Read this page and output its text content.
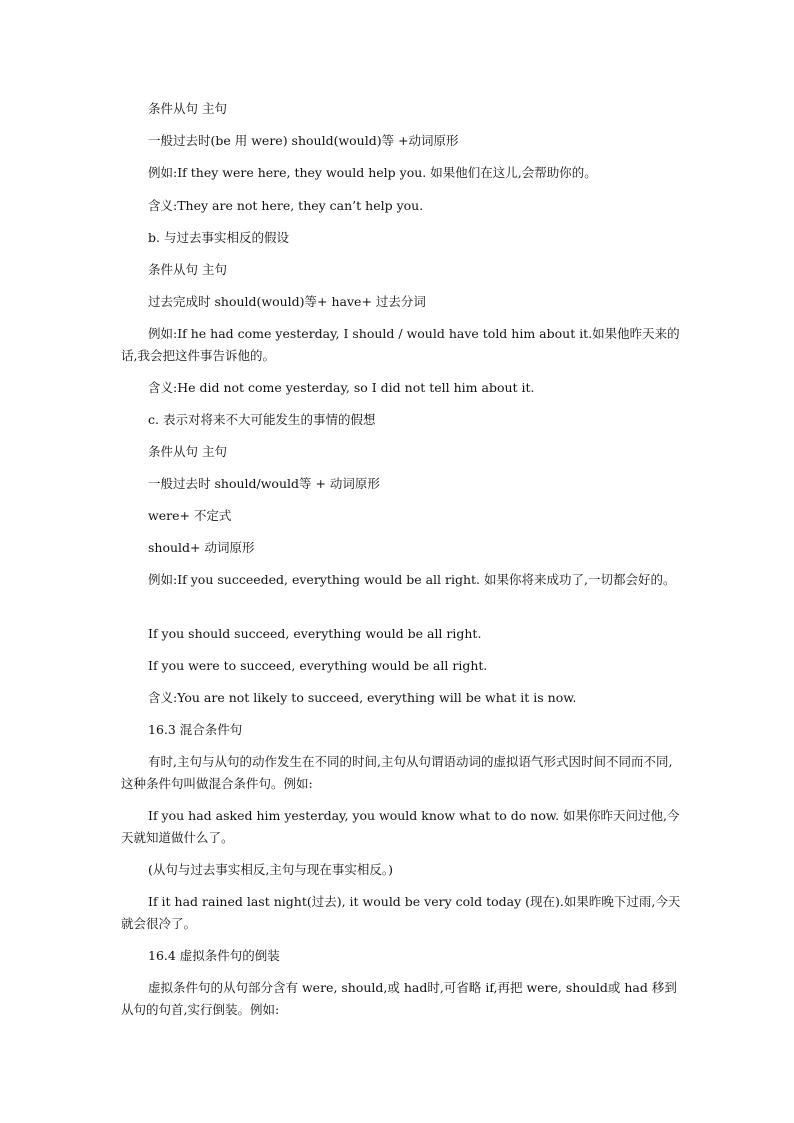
条件从句 主句
一般过去时(be 用 were) should(would)等 +动词原形
例如:If they were here, they would help you. 如果他们在这儿,会帮助你的。
含义:They are not here, they can’t help you.
b. 与过去事实相反的假设
条件从句 主句
过去完成时 should(would)等+ have+ 过去分词
例如:If he had come yesterday, I should / would have told him about it.如果他昨天来的话,我会把这件事告诉他的。
含义:He did not come yesterday, so I did not tell him about it.
c. 表示对将来不大可能发生的事情的假想
条件从句 主句
一般过去时 should/would等 + 动词原形
were+ 不定式
should+ 动词原形
例如:If you succeeded, everything would be all right. 如果你将来成功了,一切都会好的。
If you should succeed, everything would be all right.
If you were to succeed, everything would be all right.
含义:You are not likely to succeed, everything will be what it is now.
16.3 混合条件句
有时,主句与从句的动作发生在不同的时间,主句从句谓语动词的虚拟语气形式因时间不同而不同,这种条件句叫做混合条件句。例如:
If you had asked him yesterday, you would know what to do now. 如果你昨天问过他,今天就知道做什么了。
(从句与过去事实相反,主句与现在事实相反。)
If it had rained last night(过去), it would be very cold today (现在).如果昨晚下过雨,今天就会很冷了。
16.4 虚拟条件句的倒装
虚拟条件句的从句部分含有 were, should,或 had时,可省略 if,再把 were, should或 had 移到从句的句首,实行倒装。例如:
